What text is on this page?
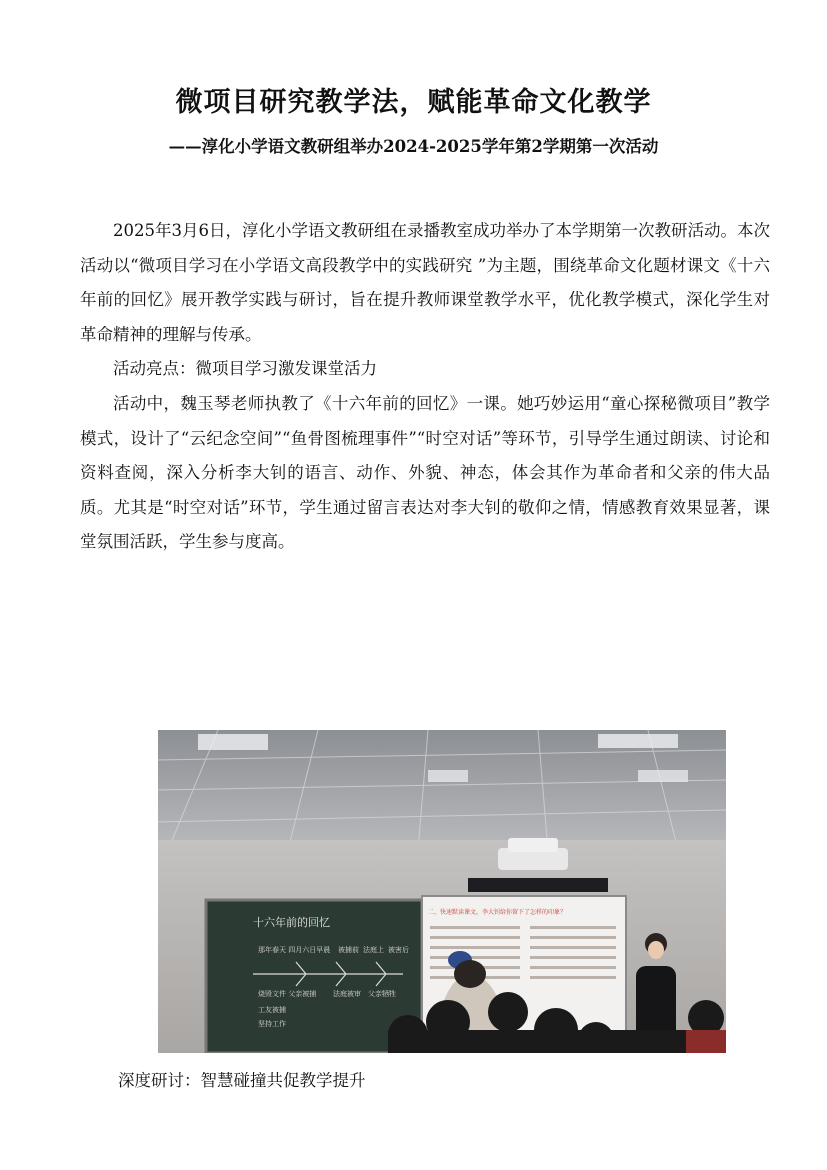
微项目研究教学法，赋能革命文化教学
——淳化小学语文教研组举办2024-2025学年第2学期第一次活动

2025年3月6日，淳化小学语文教研组在录播教室成功举办了本学期第一次教研活动。本次活动以“微项目学习在小学语文高段教学中的实践研究 ”为主题，围绕革命文化题材课文《十六年前的回忆》展开教学实践与研讨，旨在提升教师课堂教学水平，优化教学模式，深化学生对革命精神的理解与传承。

活动亮点：微项目学习激发课堂活力

活动中，魏玉琴老师执教了《十六年前的回忆》一课。她巧妙运用“童心探秘微项目”教学模式，设计了“云纪念空间”“鱼骨图梳理事件”“时空对话”等环节，引导学生通过朗读、讨论和资料查阅，深入分析李大钊的语言、动作、外貌、神态，体会其作为革命者和父亲的伟大品质。尤其是“时空对话”环节，学生通过留言表达对李大钊的敬仰之情，情感教育效果显著，课堂氛围活跃，学生参与度高。

十六年前的回忆
那年春天 四月六日早晨 被捕前 法庭上 被害后
烧毁文件 父亲被捕 法庭被审 父亲牺牲
工友被捕
坚持工作
二、快速默读课文，李大钊给你留下了怎样的印象？
深度研讨：智慧碰撞共促教学提升
